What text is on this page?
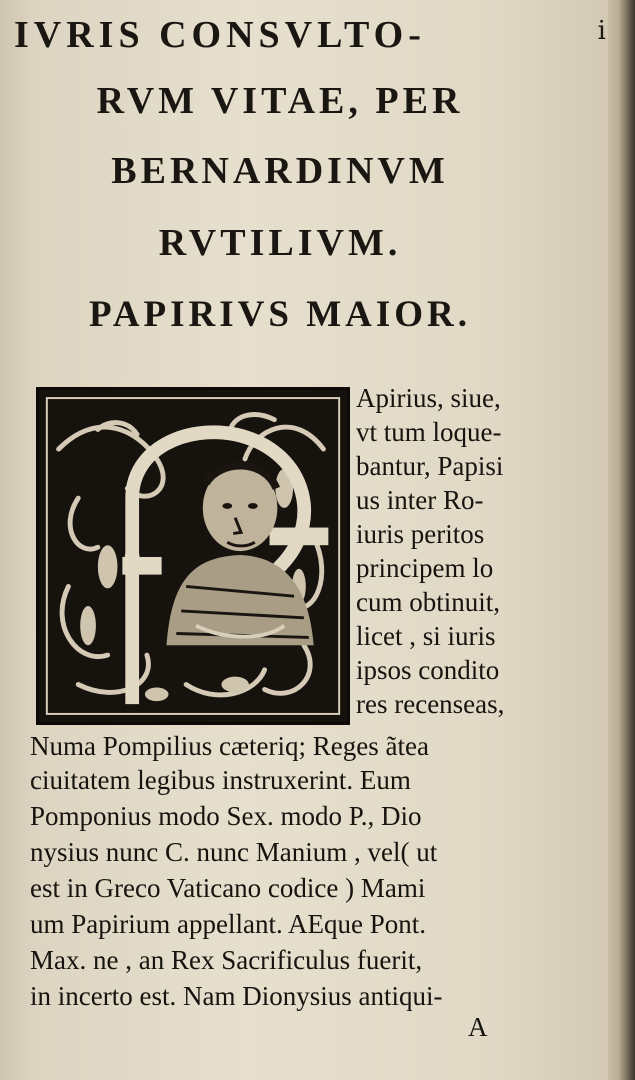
i
IVRIS CONSVLTO-
RVM VITAE, PER
BERNARDINVM
RVTILIVM.
PAPIRIVS MAIOR.
Apirius, siue,
vt tum loque-
bantur, Papisi
us inter Ro-
iuris peritos
principem lo
cum obtinuit,
licet , si iuris
ipsos condito
res recenseas,
Numa Pompilius cæteriq; Reges ãtea
ciuitatem legibus instruxerint. Eum
Pomponius modo Sex. modo P., Dio
nysius nunc C. nunc Manium , vel( ut
est in Greco Vaticano codice ) Mami
um Papirium appellant. AEque Pont.
Max. ne , an Rex Sacrificulus fuerit,
in incerto est. Nam Dionysius antiqui-
A
